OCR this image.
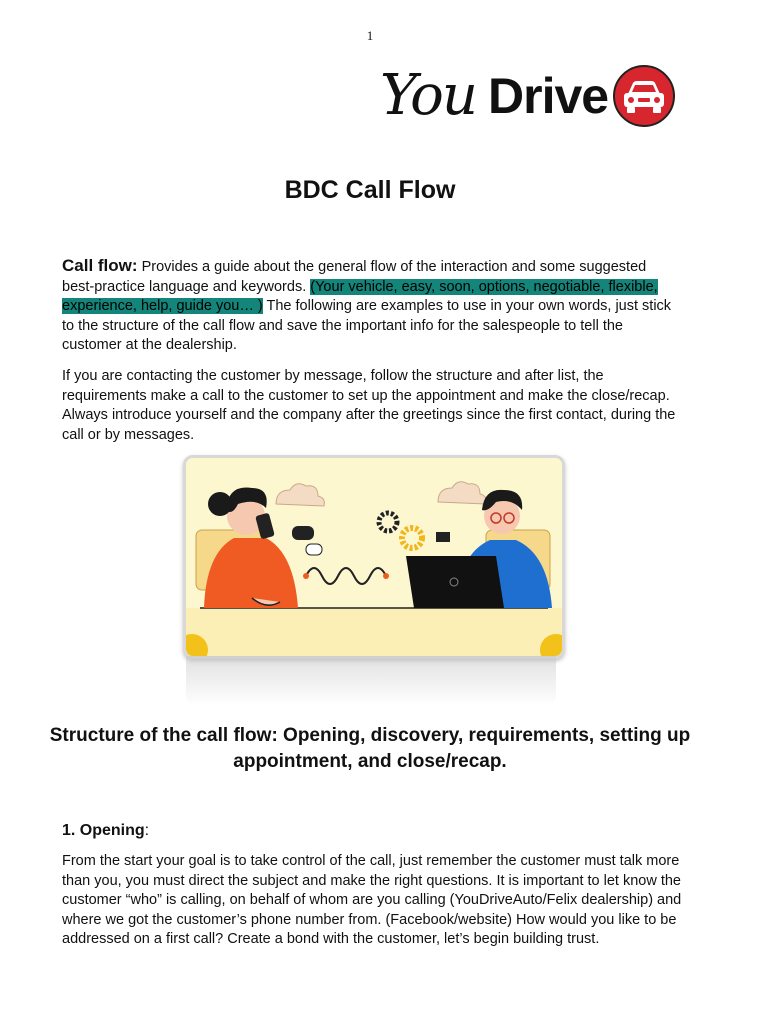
1
You Drive
BDC Call Flow

Call flow: Provides a guide about the general flow of the interaction and some suggested best-practice language and keywords. (Your vehicle, easy, soon, options, negotiable, flexible, experience, help, guide you… ) The following are examples to use in your own words, just stick to the structure of the call flow and save the important info for the salespeople to tell the customer at the dealership.

If you are contacting the customer by message, follow the structure and after list, the requirements make a call to the customer to set up the appointment and make the close/recap. Always introduce yourself and the company after the greetings since the first contact, during the call or by messages.

Structure of the call flow: Opening, discovery, requirements, setting up appointment, and close/recap.
1. Opening:

From the start your goal is to take control of the call, just remember the customer must talk more than you, you must direct the subject and make the right questions. It is important to let know the customer “who” is calling, on behalf of whom are you calling (YouDriveAuto/Felix dealership) and where we got the customer’s phone number from. (Facebook/website) How would you like to be addressed on a first call? Create a bond with the customer, let’s begin building trust.
